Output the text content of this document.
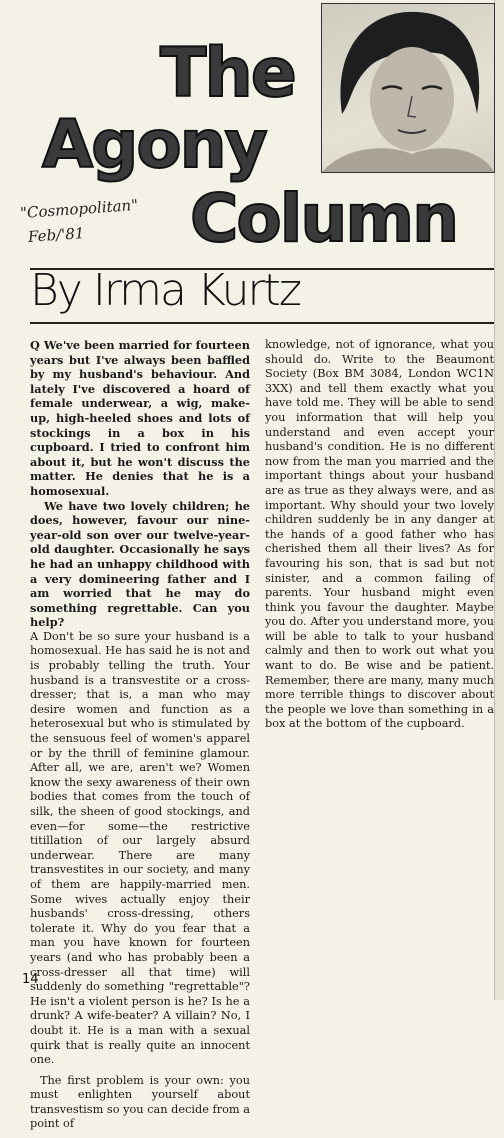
The
Agony
Column
"Cosmopolitan"
Feb/'81
By Irma Kurtz

Q We've been married for fourteen years but I've always been baffled by my husband's behaviour. And lately I've discovered a hoard of female underwear, a wig, make-up, high-heeled shoes and lots of stockings in a box in his cupboard. I tried to confront him about it, but he won't discuss the matter. He denies that he is a homosexual.

We have two lovely children; he does, however, favour our nine-year-old son over our twelve-year-old daughter. Occasionally he says he had an unhappy childhood with a very domineering father and I am worried that he may do something regrettable. Can you help?

A Don't be so sure your husband is a homosexual. He has said he is not and is probably telling the truth. Your husband is a transvestite or a cross-dresser; that is, a man who may desire women and function as a heterosexual but who is stimulated by the sensuous feel of women's apparel or by the thrill of feminine glamour. After all, we are, aren't we? Women know the sexy awareness of their own bodies that comes from the touch of silk, the sheen of good stockings, and even—for some—the restrictive titillation of our largely absurd underwear. There are many transvestites in our society, and many of them are happily-married men. Some wives actually enjoy their husbands' cross-dressing, others tolerate it. Why do you fear that a man you have known for fourteen years (and who has probably been a cross-dresser all that time) will suddenly do something "regrettable"? He isn't a violent person is he? Is he a drunk? A wife-beater? A villain? No, I doubt it. He is a man with a sexual quirk that is really quite an innocent one.

The first problem is your own: you must enlighten yourself about transvestism so you can decide from a point of

knowledge, not of ignorance, what you should do. Write to the Beaumont Society (Box BM 3084, London WC1N 3XX) and tell them exactly what you have told me. They will be able to send you information that will help you understand and even accept your husband's condition. He is no different now from the man you married and the important things about your husband are as true as they always were, and as important. Why should your two lovely children suddenly be in any danger at the hands of a good father who has cherished them all their lives? As for favouring his son, that is sad but not sinister, and a common failing of parents. Your husband might even think you favour the daughter. Maybe you do. After you understand more, you will be able to talk to your husband calmly and then to work out what you want to do. Be wise and be patient. Remember, there are many, many much more terrible things to discover about the people we love than something in a box at the bottom of the cupboard.

14
